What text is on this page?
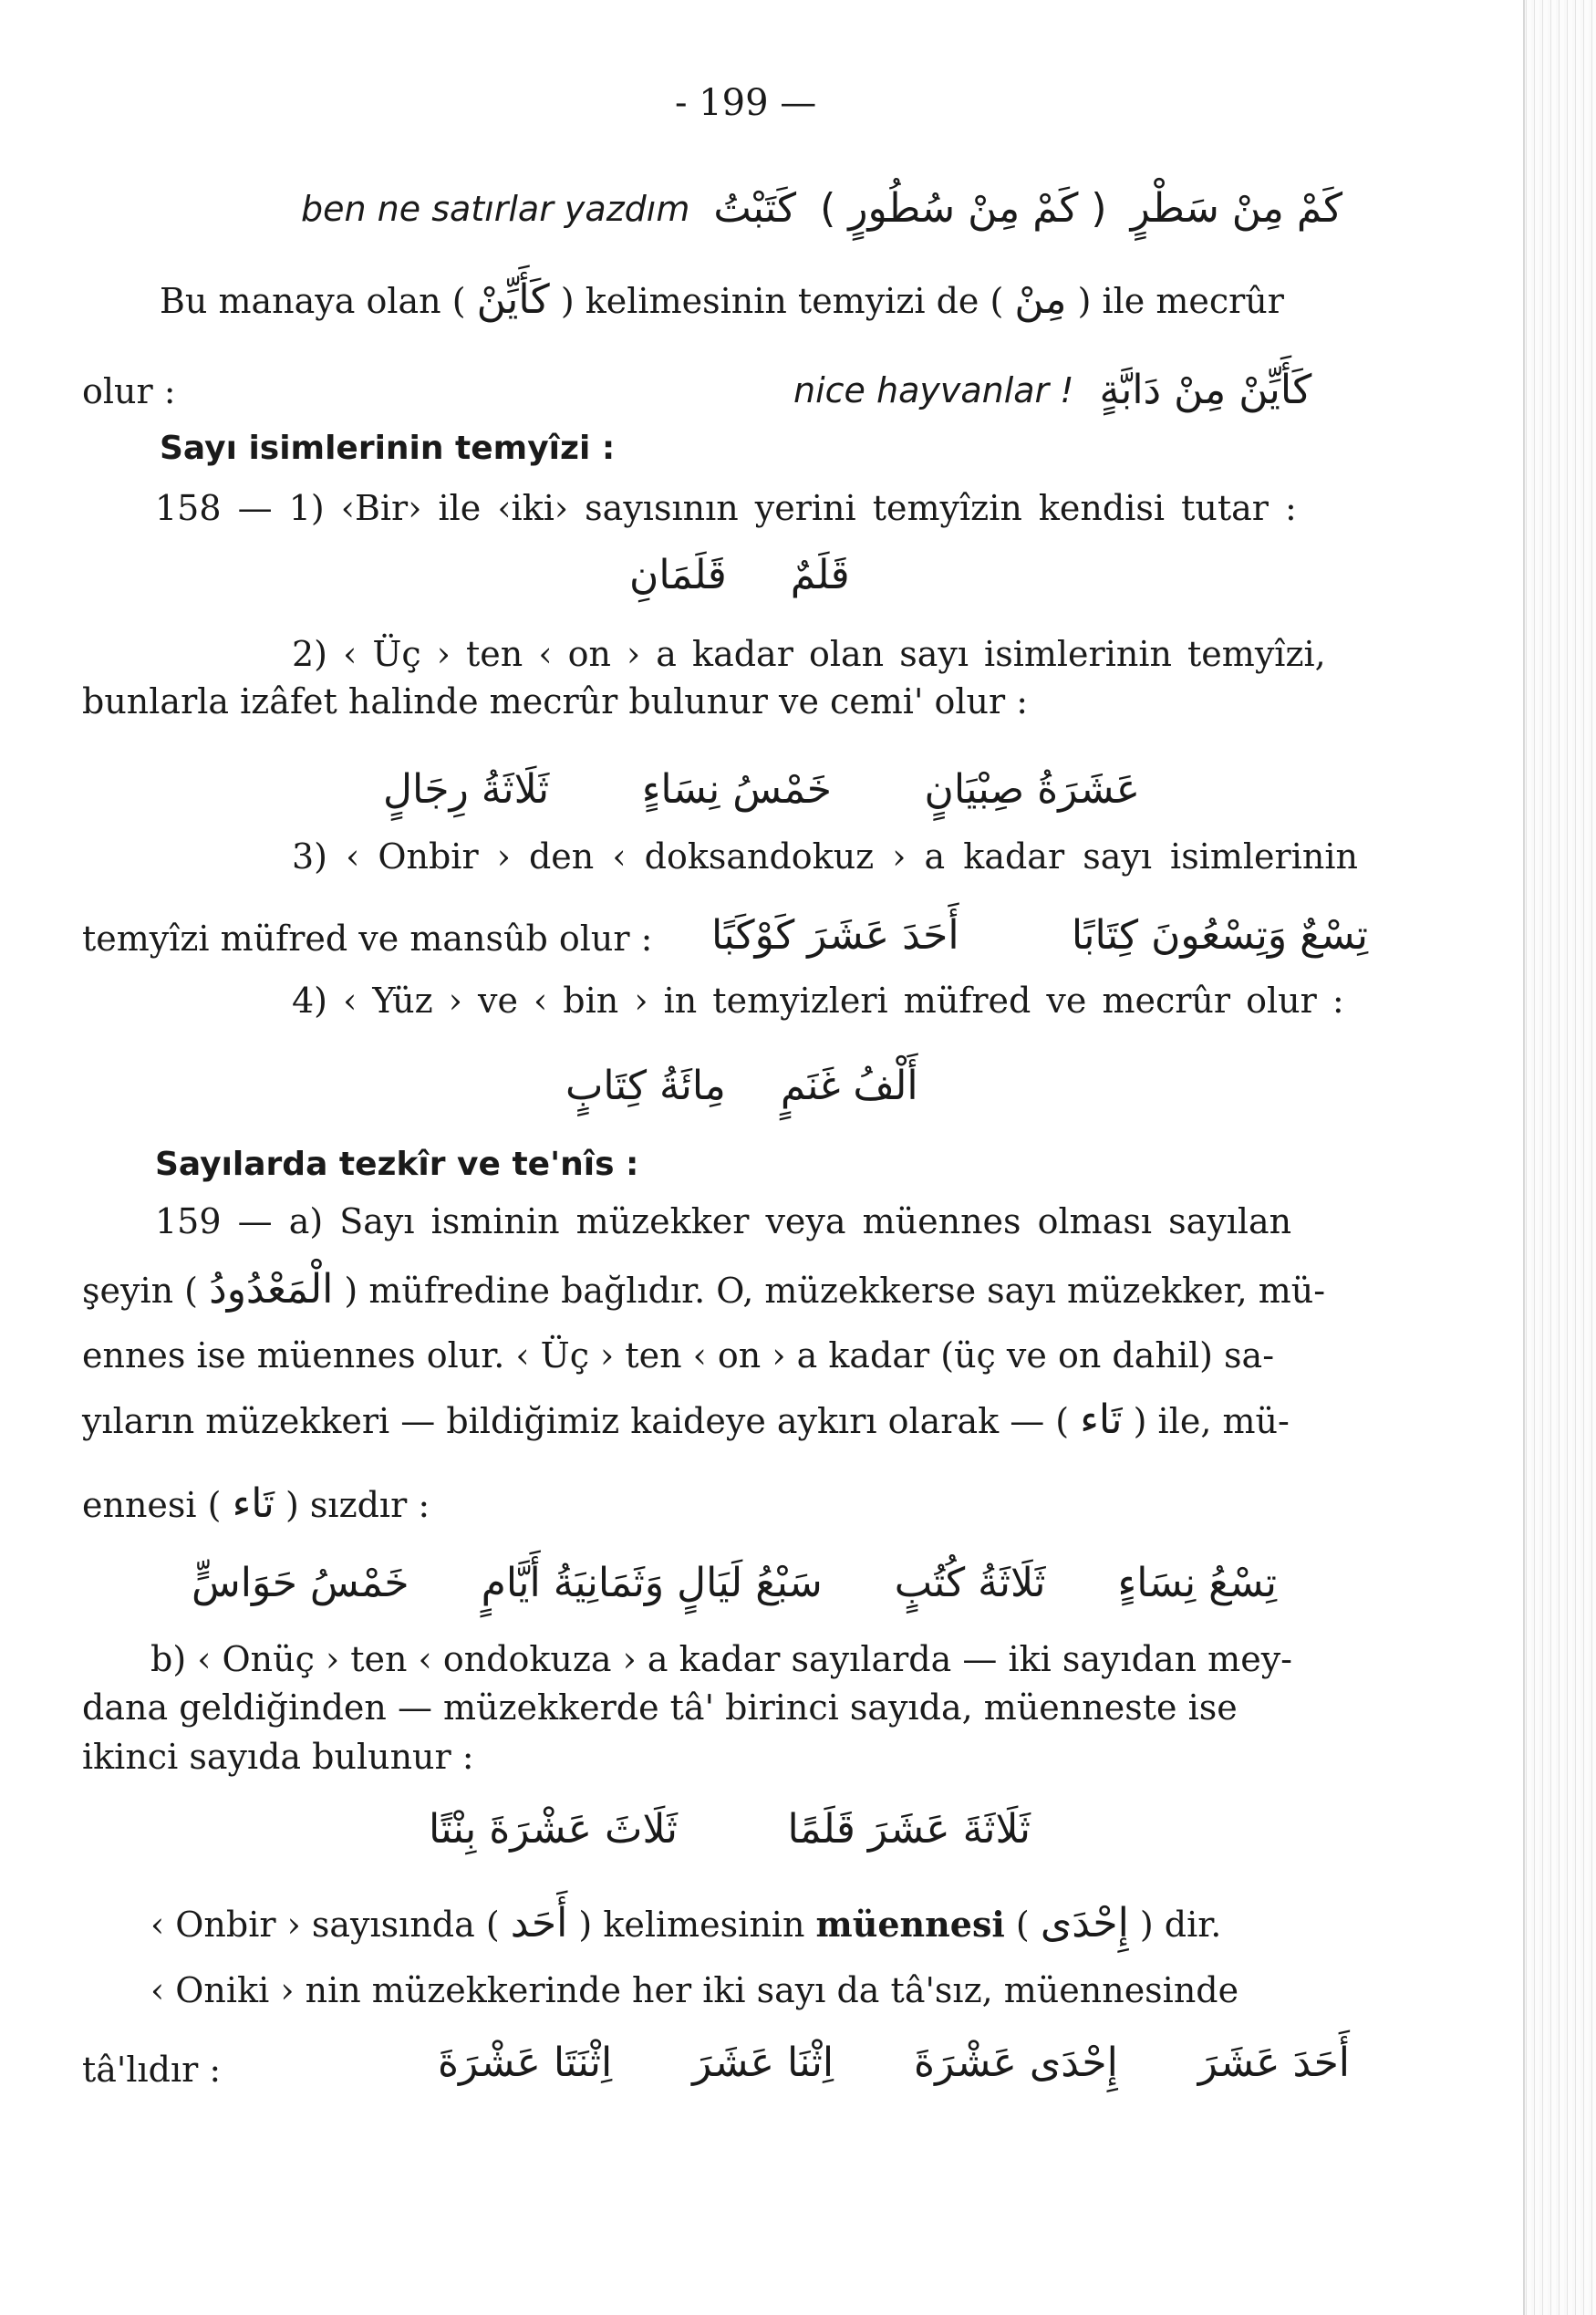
- 199 —
ben ne satırlar yazdım كَتَبْتُ ( كَمْ مِنْ سُطُورٍ ) كَمْ مِنْ سَطْرٍ
Bu manaya olan ( كَأَيِّنْ ) kelimesinin temyizi de ( مِنْ ) ile mecrûr
olur :	nice hayvanlar ! كَأَيِّنْ مِنْ دَابَّةٍ
Sayı isimlerinin temyîzi :
158 — 1) ‹Bir› ile ‹iki› sayısının yerini temyîzin kendisi tutar :
قَلَمٌ
قَلَمَانِ
2) ‹ Üç › ten ‹ on › a kadar olan sayı isimlerinin temyîzi,
bunlarla izâfet halinde mecrûr bulunur ve cemi' olur :
عَشَرَةُ صِبْيَانٍ
خَمْسُ نِسَاءٍ
ثَلَاثَةُ رِجَالٍ
3) ‹ Onbir › den ‹ doksandokuz › a kadar sayı isimlerinin
temyîzi müfred ve mansûb olur :	تِسْعٌ وَتِسْعُونَ كِتَابًا
أَحَدَ عَشَرَ كَوْكَبًا
4) ‹ Yüz › ve ‹ bin › in temyizleri müfred ve mecrûr olur :
أَلْفُ غَنَمٍ
مِائَةُ كِتَابٍ
Sayılarda tezkîr ve te'nîs :
159 — a) Sayı isminin müzekker veya müennes olması sayılan
şeyin ( الْمَعْدُودُ ) müfredine bağlıdır. O, müzekkerse sayı müzekker, mü-
ennes ise müennes olur. ‹ Üç › ten ‹ on › a kadar (üç ve on dahil) sa-
yıların müzekkeri — bildiğimiz kaideye aykırı olarak — ( تَاء ) ile, mü-
ennesi ( تَاء ) sızdır :
تِسْعُ نِسَاءٍ
ثَلَاثَةُ كُتُبٍ
سَبْعُ لَيَالٍ وَثَمَانِيَةُ أَيَّامٍ
خَمْسُ حَوَاسٍّ
b) ‹ Onüç › ten ‹ ondokuza › a kadar sayılarda — iki sayıdan mey-
dana geldiğinden — müzekkerde tâ' birinci sayıda, müenneste ise
ikinci sayıda bulunur :
ثَلَاثَةَ عَشَرَ قَلَمًا
ثَلَاثَ عَشْرَةَ بِنْتًا
‹ Onbir › sayısında ( أَحَد ) kelimesinin müennesi ( إِحْدَى ) dir.
‹ Oniki › nin müzekkerinde her iki sayı da tâ'sız, müennesinde
tâ'lıdır :	أَحَدَ عَشَرَ
إِحْدَى عَشْرَةَ
اِثْنَا عَشَرَ
اِثْنَتَا عَشْرَةَ
